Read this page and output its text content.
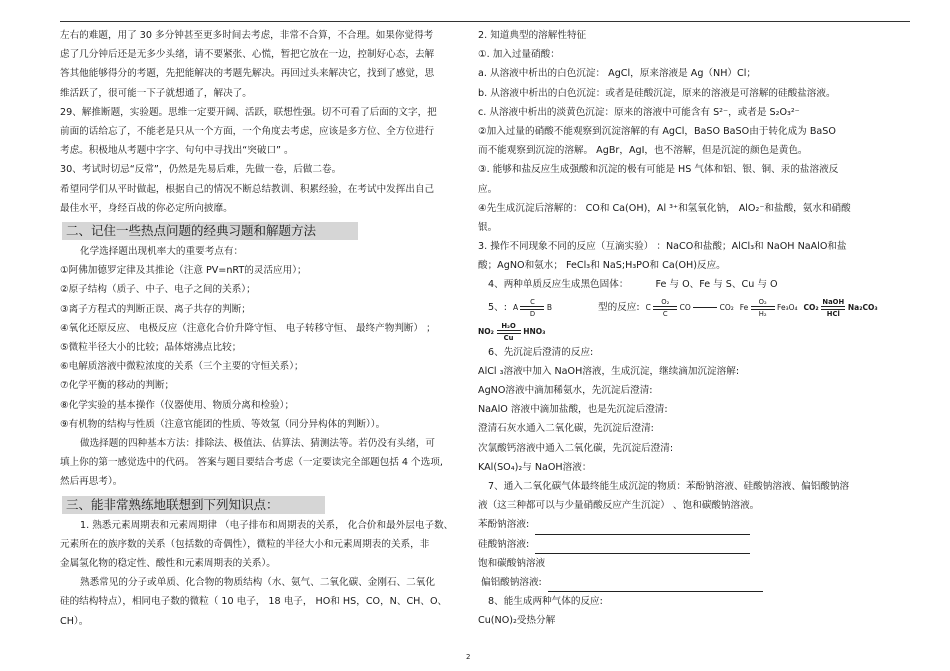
左右的难题，用了 30 多分钟甚至更多时间去考虑，非常不合算，不合理。如果你觉得考
虑了几分钟后还是无多少头绪，请不要紧张、心慌，暂把它放在一边，控制好心态，去解
答其他能够得分的考题，先把能解决的考题先解决。再回过头来解决它，找到了感觉，思
维活跃了，很可能一下子就想通了，解决了。
29、解推断题，实验题。思维一定要开阔、活跃，联想性强。切不可看了后面的文字，把
前面的话给忘了，不能老是只从一个方面，一个角度去考虑，应该是多方位、全方位进行
考虑。积极地从考题中字字、句句中寻找出“突破口” 。
30、考试时切忌“反常”，仍然是先易后难，先做一卷，后做二卷。
希望同学们从平时做起，根据自己的情况不断总结教训、积累经验，在考试中发挥出自己
最佳水平，身经百战的你必定所向披靡。
二、记住一些热点问题的经典习题和解题方法
化学选择题出现机率大的重要考点有：
①阿佛加德罗定律及其推论（注意 PV=nRT的灵活应用）；
②原子结构（质子、中子、电子之间的关系）；
③离子方程式的判断正误、离子共存的判断；
④氧化还原反应、 电极反应（注意化合价升降守恒、 电子转移守恒、 最终产物判断） ；
⑤微粒半径大小的比较；晶体熔沸点比较；
⑥电解质溶液中微粒浓度的关系（三个主要的守恒关系）；
⑦化学平衡的移动的判断；
⑧化学实验的基本操作（仪器使用、物质分离和检验）；
⑨有机物的结构与性质（注意官能团的性质、等效氢（同分异构体的判断））。
做选择题的四种基本方法：排除法、极值法、估算法、猜测法等。若仍没有头绪，可
填上你的第一感觉选中的代码。 答案与题目要结合考虑（一定要读完全部题包括 4 个选项,
然后再思考）。
三、能非常熟练地联想到下列知识点：
1. 熟悉元素周期表和元素周期律 （电子排布和周期表的关系， 化合价和最外层电子数、
元素所在的族序数的关系（包括数的奇偶性），微粒的半径大小和元素周期表的关系，非
金属氢化物的稳定性、酸性和元素周期表的关系）。
熟悉常见的分子或单质、化合物的物质结构（水、氨气、二氧化碳、金刚石、二氧化
硅的结构特点），相同电子数的微粒（ 10 电子， 18 电子， HO和 HS，CO，N、CH、O、
CH）。
2. 知道典型的溶解性特征
①. 加入过量硝酸：
a. 从溶液中析出的白色沉淀： AgCl，原来溶液是 Ag（NH）Cl；
b. 从溶液中析出的白色沉淀：或者是硅酸沉淀，原来的溶液是可溶解的硅酸盐溶液。
c. 从溶液中析出的淡黄色沉淀：原来的溶液中可能含有 S²⁻，或者是 S₂O₃²⁻
②加入过量的硝酸不能观察到沉淀溶解的有 AgCl，BaSO BaSO由于转化成为 BaSO
而不能观察到沉淀的溶解。 AgBr，AgI，也不溶解，但是沉淀的颜色是黄色。
③. 能够和盐反应生成强酸和沉淀的极有可能是 HS 气体和铝、银、铜、汞的盐溶液反
应。
④先生成沉淀后溶解的： CO和 Ca(OH)，Al ³⁺和氢氧化钠， AlO₂⁻和盐酸，氨水和硝酸
银。
3. 操作不同现象不同的反应（互滴实验） ：NaCO和盐酸；AlCl₃和 NaOH NaAlO和盐
酸；AgNO和氨水； FeCl₃和 NaS;H₃PO和 Ca(OH)反应。
4、两种单质反应生成黑色固体：	Fe 与 O、Fe 与 S、Cu 与 O
5、: A $\frac{C}{D}$ B	型的反应: C $\frac{\text{O₂}}{C}$ CO

	CO₂ Fe $\frac{\text{O₂}}{\text{H₂}} Fe_3O_4$ CO₂
NaOH
HCl
Na₂CO₃
$NO_2 \frac{\text{H₂O}}{Cu} HNO_3$
6、先沉淀后澄清的反应:
AlCl ₃溶液中加入 NaOH溶液，生成沉淀，继续滴加沉淀溶解:
AgNO溶液中滴加稀氨水，先沉淀后澄清:
NaAlO 溶液中滴加盐酸，也是先沉淀后澄清:
澄清石灰水通入二氧化碳，先沉淀后澄清:
次氯酸钙溶液中通入二氧化碳，先沉淀后澄清:
KAl(SO₄)₂与 NaOH溶液：
7、通入二氧化碳气体最终能生成沉淀的物质：苯酚钠溶液、硅酸钠溶液、偏铝酸钠溶
液（这三种都可以与少量硝酸反应产生沉淀） 、饱和碳酸钠溶液。
苯酚钠溶液:
硅酸钠溶液:
饱和碳酸钠溶液
偏铝酸钠溶液:
8、能生成两种气体的反应:
Cu(NO)₂受热分解
2
